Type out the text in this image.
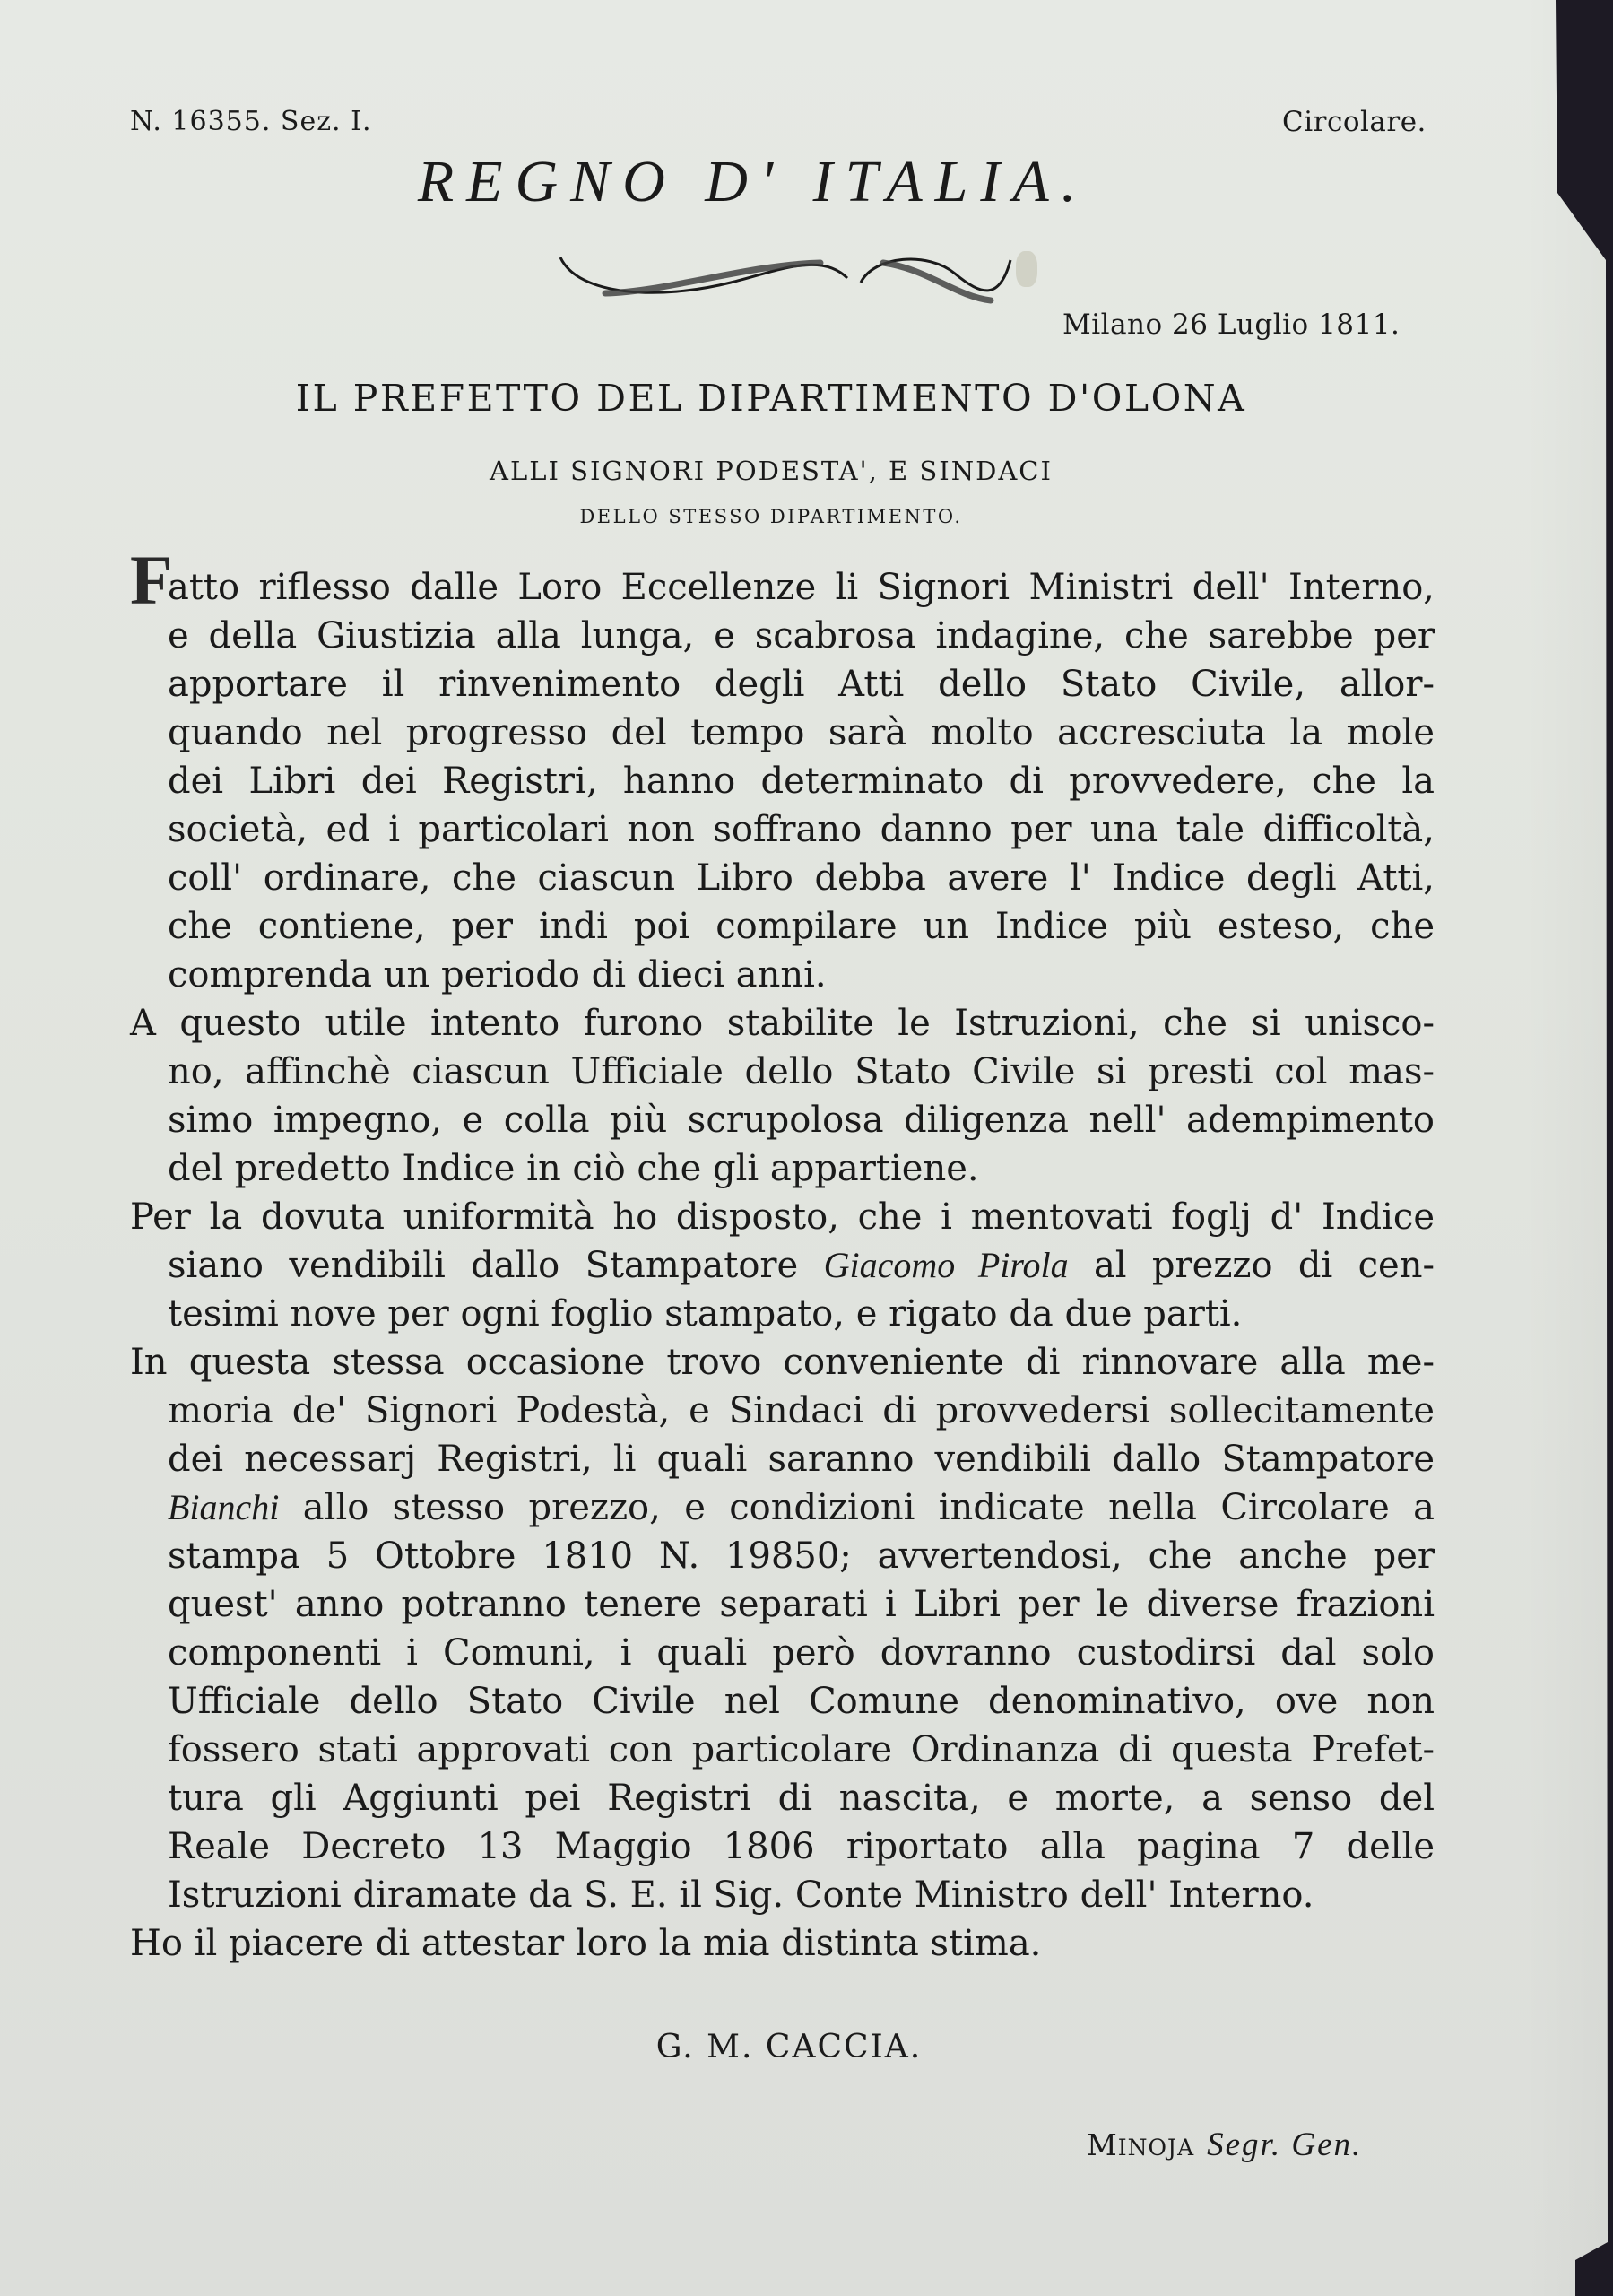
N. 16355. Sez. I.	Circolare.
REGNO D' ITALIA.
Milano 26 Luglio 1811.
IL PREFETTO DEL DIPARTIMENTO D'OLONA
ALLI SIGNORI PODESTA', E SINDACI
DELLO STESSO DIPARTIMENTO.
F
atto riflesso dalle Loro Eccellenze li Signori Ministri dell' Interno,
e della Giustizia alla lunga, e scabrosa indagine, che sarebbe per
apportare il rinvenimento degli Atti dello Stato Civile, allor-
quando nel progresso del tempo sarà molto accresciuta la mole
dei Libri dei Registri, hanno determinato di provvedere, che la
società, ed i particolari non soffrano danno per una tale difficoltà,
coll' ordinare, che ciascun Libro debba avere l' Indice degli Atti,
che contiene, per indi poi compilare un Indice più esteso, che
comprenda un periodo di dieci anni.
A questo utile intento furono stabilite le Istruzioni, che si unisco-
no, affinchè ciascun Ufficiale dello Stato Civile si presti col mas-
simo impegno, e colla più scrupolosa diligenza nell' adempimento
del predetto Indice in ciò che gli appartiene.
Per la dovuta uniformità ho disposto, che i mentovati foglj d' Indice
siano vendibili dallo Stampatore Giacomo Pirola al prezzo di cen-
tesimi nove per ogni foglio stampato, e rigato da due parti.
In questa stessa occasione trovo conveniente di rinnovare alla me-
moria de' Signori Podestà, e Sindaci di provvedersi sollecitamente
dei necessarj Registri, li quali saranno vendibili dallo Stampatore
Bianchi allo stesso prezzo, e condizioni indicate nella Circolare a
stampa 5 Ottobre 1810 N. 19850; avvertendosi, che anche per
quest' anno potranno tenere separati i Libri per le diverse frazioni
componenti i Comuni, i quali però dovranno custodirsi dal solo
Ufficiale dello Stato Civile nel Comune denominativo, ove non
fossero stati approvati con particolare Ordinanza di questa Prefet-
tura gli Aggiunti pei Registri di nascita, e morte, a senso del
Reale Decreto 13 Maggio 1806 riportato alla pagina 7 delle
Istruzioni diramate da S. E. il Sig. Conte Ministro dell' Interno.
Ho il piacere di attestar loro la mia distinta stima.
G. M. CACCIA.
MINOJA Segr. Gen.
